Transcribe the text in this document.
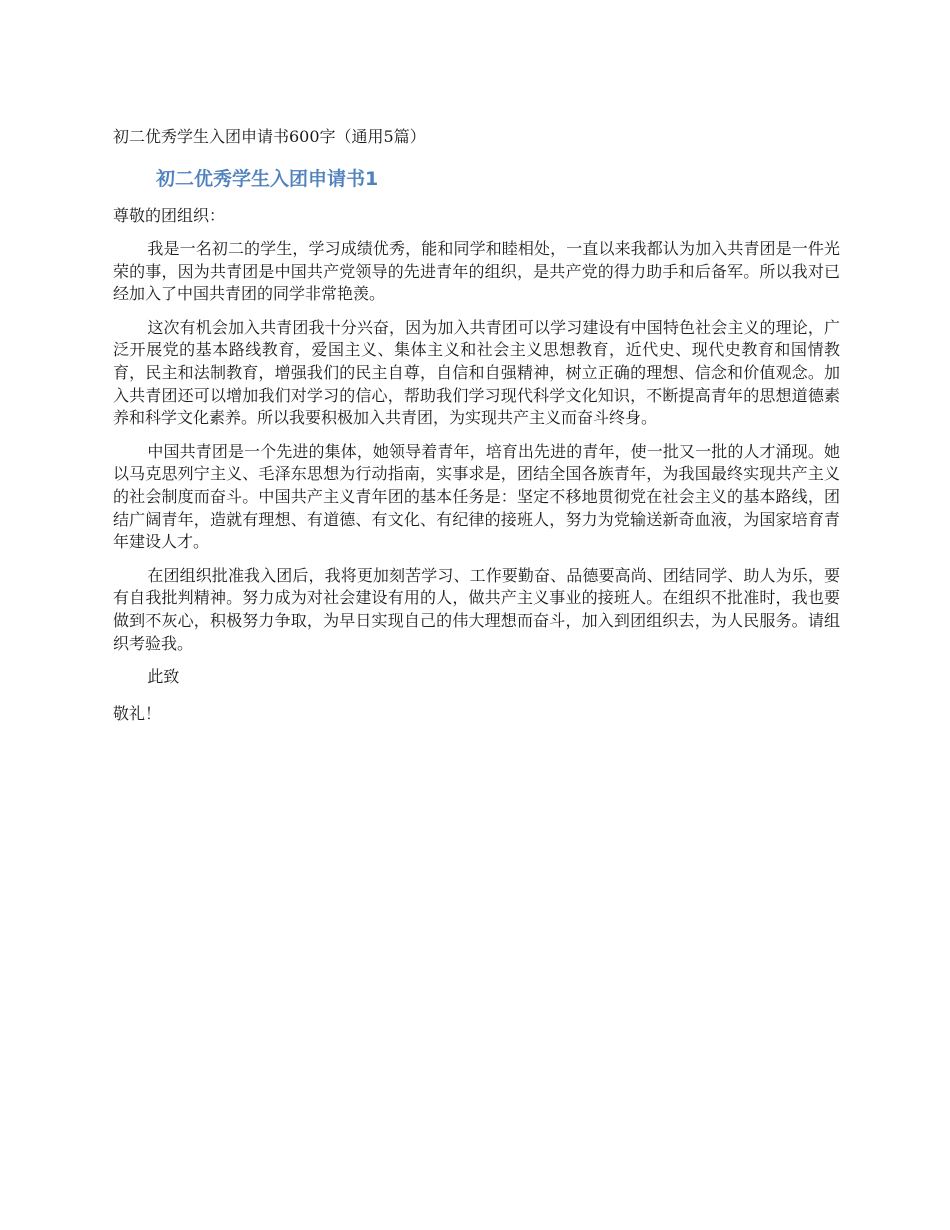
初二优秀学生入团申请书600字（通用5篇）

初二优秀学生入团申请书1

尊敬的团组织：

我是一名初二的学生，学习成绩优秀，能和同学和睦相处，一直以来我都认为加入共青团是一件光荣的事，因为共青团是中国共产党领导的先进青年的组织，是共产党的得力助手和后备军。所以我对已经加入了中国共青团的同学非常艳羡。

这次有机会加入共青团我十分兴奋，因为加入共青团可以学习建设有中国特色社会主义的理论，广泛开展党的基本路线教育，爱国主义、集体主义和社会主义思想教育，近代史、现代史教育和国情教育，民主和法制教育，增强我们的民主自尊，自信和自强精神，树立正确的理想、信念和价值观念。加入共青团还可以增加我们对学习的信心，帮助我们学习现代科学文化知识，不断提高青年的思想道德素养和科学文化素养。所以我要积极加入共青团，为实现共产主义而奋斗终身。

中国共青团是一个先进的集体，她领导着青年，培育出先进的青年，使一批又一批的人才涌现。她以马克思列宁主义、毛泽东思想为行动指南，实事求是，团结全国各族青年，为我国最终实现共产主义的社会制度而奋斗。中国共产主义青年团的基本任务是：坚定不移地贯彻党在社会主义的基本路线，团结广阔青年，造就有理想、有道德、有文化、有纪律的接班人，努力为党输送新奇血液，为国家培育青年建设人才。

在团组织批准我入团后，我将更加刻苦学习、工作要勤奋、品德要高尚、团结同学、助人为乐，要有自我批判精神。努力成为对社会建设有用的人，做共产主义事业的接班人。在组织不批准时，我也要做到不灰心，积极努力争取，为早日实现自己的伟大理想而奋斗，加入到团组织去，为人民服务。请组织考验我。

此致

敬礼！
